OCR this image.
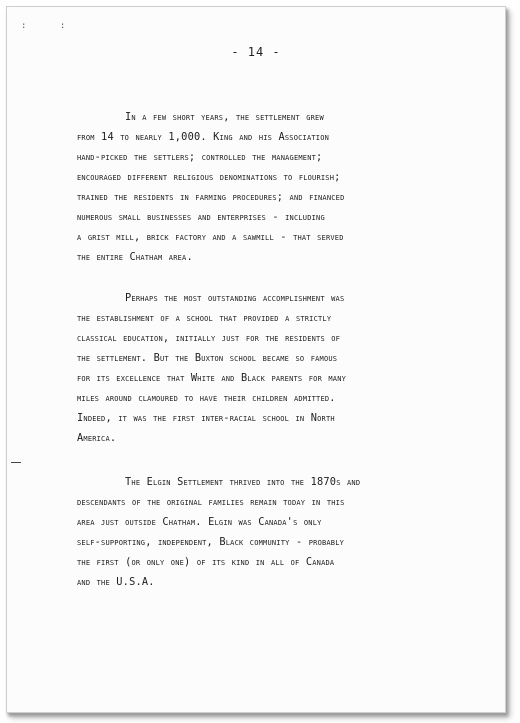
: :
- 14 -
In a few short years, the settlement grew
from 14 to nearly 1,000. King and his Association
hand-picked the settlers; controlled the management;
encouraged different religious denominations to flourish;
trained the residents in farming procedures; and financed
numerous small businesses and enterprises - including
a grist mill, brick factory and a sawmill - that served
the entire Chatham area.
Perhaps the most outstanding accomplishment was
the establishment of a school that provided a strictly
classical education, initially just for the residents of
the settlement. But the Buxton school became so famous
for its excellence that White and Black parents for many
miles around clamoured to have their children admitted.
Indeed, it was the first inter-racial school in North
America.
The Elgin Settlement thrived into the 1870s and
descendants of the original families remain today in this
area just outside Chatham. Elgin was Canada's only
self-supporting, independent, Black community - probably
the first (or only one) of its kind in all of Canada
and the U.S.A.
